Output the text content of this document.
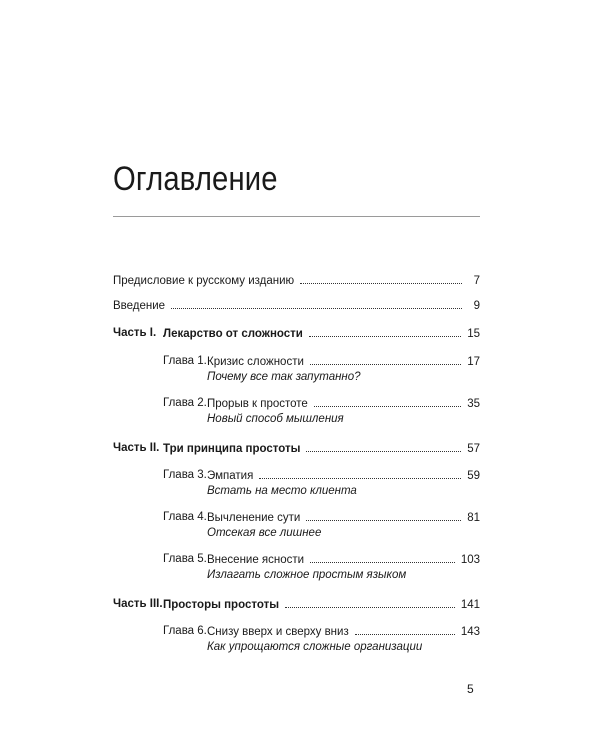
Оглавление
Предисловие к русскому изданию	7
Введение	9
Часть I. Лекарство от сложности	15
Глава 1. Кризис сложности	17
Почему все так запутанно?
Глава 2. Прорыв к простоте	35
Новый способ мышления
Часть II. Три принципа простоты	57
Глава 3. Эмпатия	59
Встать на место клиента
Глава 4. Вычленение сути	81
Отсекая все лишнее
Глава 5. Внесение ясности	103
Излагать сложное простым языком
Часть III. Просторы простоты	141
Глава 6. Снизу вверх и сверху вниз	143
Как упрощаются сложные организации
5
